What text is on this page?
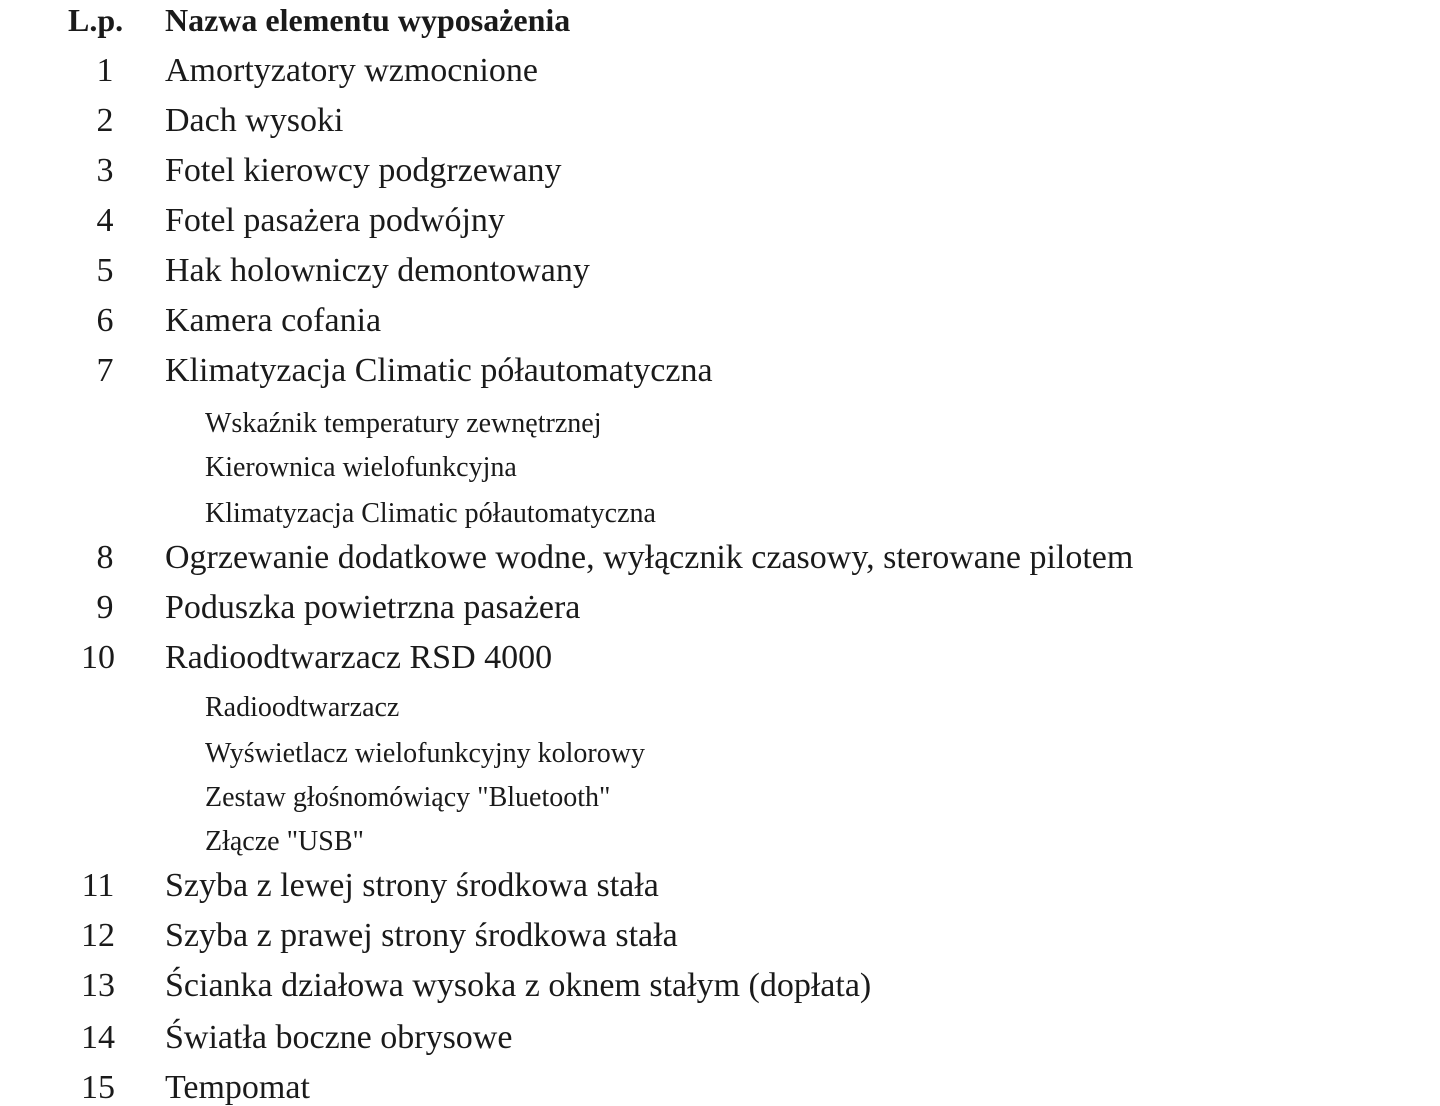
L.p. Nazwa elementu wyposażenia
1	Amortyzatory wzmocnione
2	Dach wysoki
3	Fotel kierowcy podgrzewany
4	Fotel pasażera podwójny
5	Hak holowniczy demontowany
6	Kamera cofania
7	Klimatyzacja Climatic półautomatyczna
Wskaźnik temperatury zewnętrznej
Kierownica wielofunkcyjna
Klimatyzacja Climatic półautomatyczna
8	Ogrzewanie dodatkowe wodne, wyłącznik czasowy, sterowane pilotem
9	Poduszka powietrzna pasażera
10	Radioodtwarzacz RSD 4000
Radioodtwarzacz
Wyświetlacz wielofunkcyjny kolorowy
Zestaw głośnomówiący "Bluetooth"
Złącze "USB"
11	Szyba z lewej strony środkowa stała
12	Szyba z prawej strony środkowa stała
13	Ścianka działowa wysoka z oknem stałym (dopłata)
14	Światła boczne obrysowe
15	Tempomat
